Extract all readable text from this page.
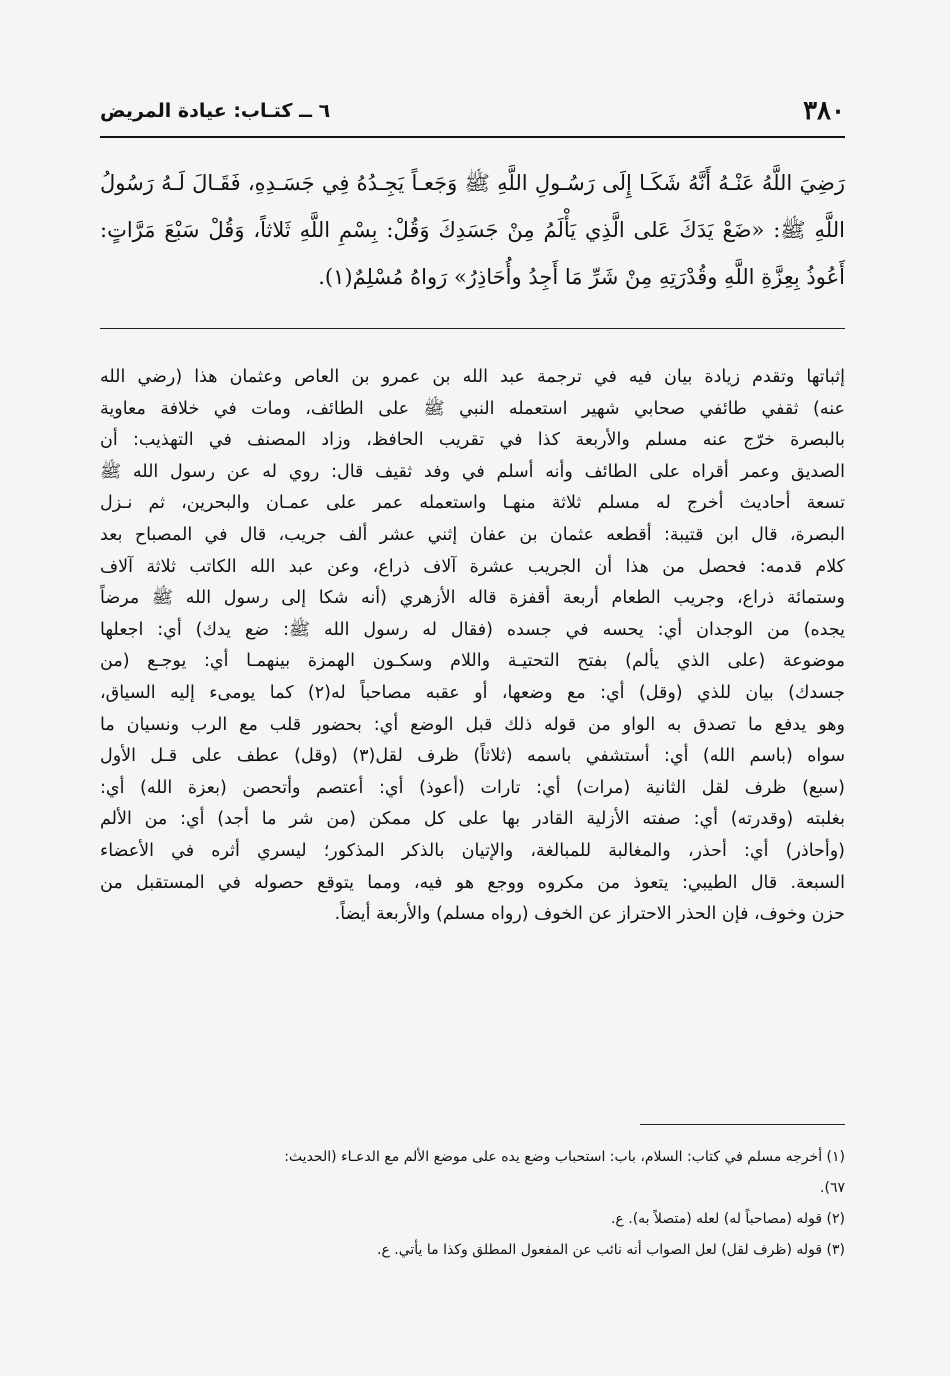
٣٨٠
٦ ــ كتـاب: عيادة المريض
رَضِيَ اللَّهُ عَنْـهُ أَنَّهُ شَكَـا إِلَى رَسُـولِ اللَّهِ ﷺ وَجَعـاً يَجِـدُهُ فِي جَسَـدِهِ، فَقَـالَ لَـهُ رَسُولُ اللَّهِ ﷺ: «ضَعْ يَدَكَ عَلى الَّذِي يَأْلَمُ مِنْ جَسَدِكَ وَقُلْ: بِسْمِ اللَّهِ ثَلاثاً، وَقُلْ سَبْعَ مَرَّاتٍ: أَعُوذُ بِعِزَّةِ اللَّهِ وقُدْرَتِهِ مِنْ شَرِّ مَا أَجِدُ وأُحَاذِرُ» رَواهُ مُسْلِمٌ(١).
إثباتها وتقدم زيادة بيان فيه في ترجمة عبد الله بن عمرو بن العاص وعثمان هذا (رضي الله
عنه) ثقفي طائفي صحابي شهير استعمله النبي ﷺ على الطائف، ومات في خلافة معاوية
بالبصرة خرّج عنه مسلم والأربعة كذا في تقريب الحافظ، وزاد المصنف في التهذيب: أن
الصديق وعمر أقراه على الطائف وأنه أسلم في وفد ثقيف قال: روي له عن رسول الله ﷺ
تسعة أحاديث أخرج له مسلم ثلاثة منهـا واستعمله عمر على عمـان والبحرين، ثم نـزل
البصرة، قال ابن قتيبة: أقطعه عثمان بن عفان إثني عشر ألف جريب، قال في المصباح بعد
كلام قدمه: فحصل من هذا أن الجريب عشرة آلاف ذراع، وعن عبد الله الكاتب ثلاثة آلاف
وستمائة ذراع، وجريب الطعام أربعة أقفزة قاله الأزهري (أنه شكا إلى رسول الله ﷺ مرضاً
يجده) من الوجدان أي: يحسه في جسده (فقال له رسول الله ﷺ: ضع يدك) أي: اجعلها
موضوعة (على الذي يألم) بفتح التحتيـة واللام وسكـون الهمزة بينهمـا أي: يوجـع (من
جسدك) بيان للذي (وقل) أي: مع وضعها، أو عقبه مصاحباً له(٢) كما يومىء إليه السياق،
وهو يدفع ما تصدق به الواو من قوله ذلك قبل الوضع أي: بحضور قلب مع الرب ونسيان ما
سواه (باسم الله) أي: أستشفي باسمه (ثلاثاً) ظرف لقل(٣) (وقل) عطف على قـل الأول
(سبع) ظرف لقل الثانية (مرات) أي: تارات (أعوذ) أي: أعتصم وأتحصن (بعزة الله) أي:
بغلبته (وقدرته) أي: صفته الأزلية القادر بها على كل ممكن (من شر ما أجد) أي: من الألم
(وأحاذر) أي: أحذر، والمغالبة للمبالغة، والإتيان بالذكر المذكور؛ ليسري أثره في الأعضاء
السبعة. قال الطيبي: يتعوذ من مكروه ووجع هو فيه، ومما يتوقع حصوله في المستقبل من
حزن وخوف، فإن الحذر الاحتراز عن الخوف (رواه مسلم) والأربعة أيضاً.
(١) أخرجه مسلم في كتاب: السلام، باب: استحباب وضع يده على موضع الألم مع الدعـاء (الحديث:
٦٧).
(٢) قوله (مصاحباً له) لعله (متصلاً به). ع.
(٣) قوله (ظرف لقل) لعل الصواب أنه نائب عن المفعول المطلق وكذا ما يأتي. ع.
